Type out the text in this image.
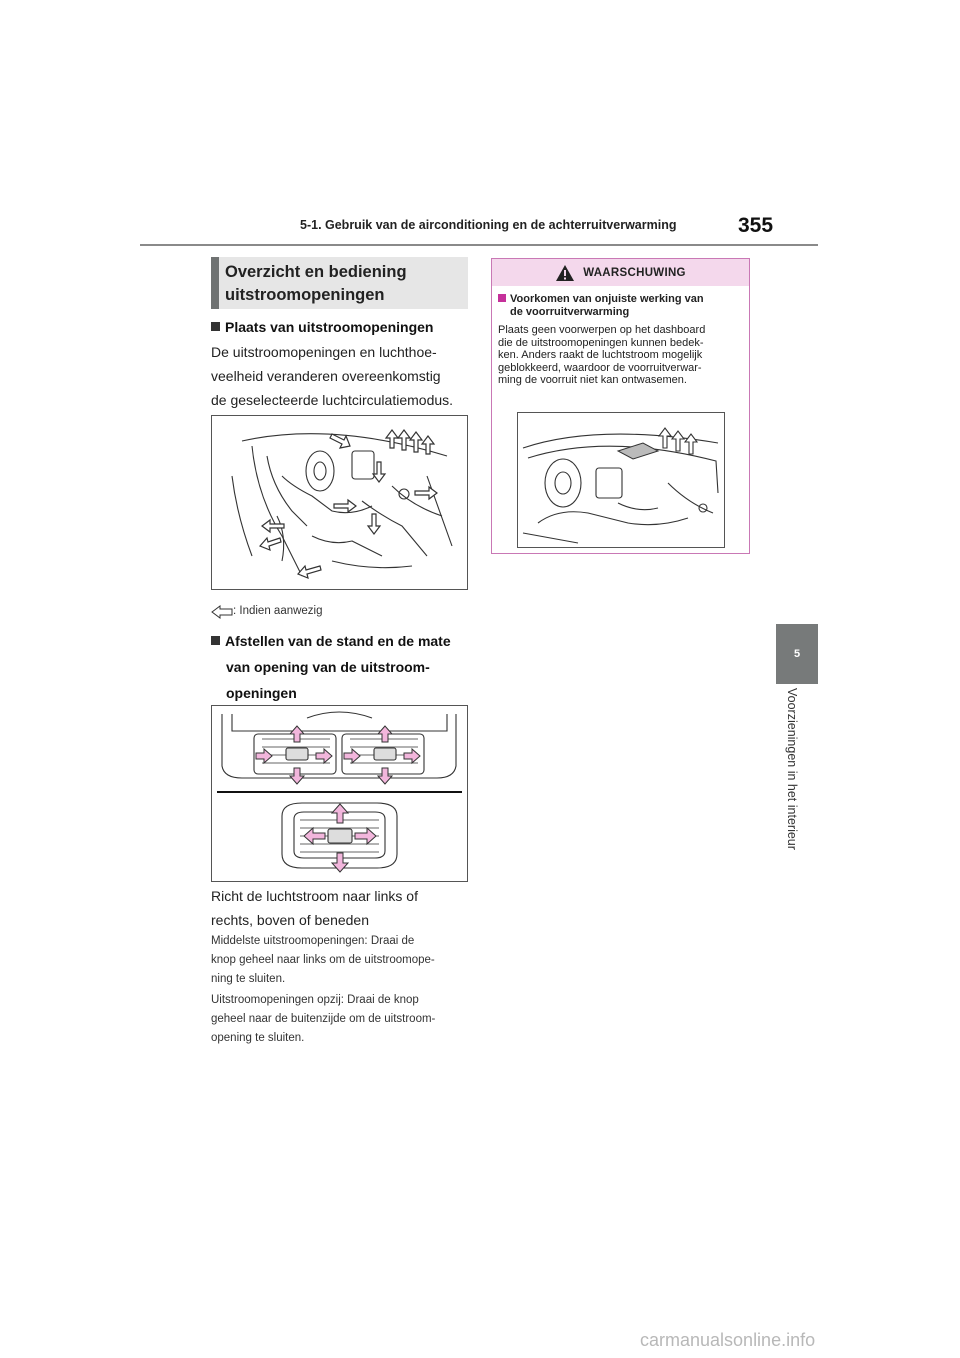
5-1. Gebruik van de airconditioning en de achterruitverwarming	355
5
Voorzieningen in het interieur
Overzicht en bediening
uitstroomopeningen
Plaats van uitstroomopeningen
De uitstroomopeningen en luchthoe-
veelheid veranderen overeenkomstig
de geselecteerde luchtcirculatiemodus.
: Indien aanwezig
Afstellen van de stand en de mate
van opening van de uitstroom-
openingen
Richt de luchtstroom naar links of
rechts, boven of beneden
Middelste uitstroomopeningen: Draai de
knop geheel naar links om de uitstroomope-
ning te sluiten.
Uitstroomopeningen opzij: Draai de knop
geheel naar de buitenzijde om de uitstroom-
opening te sluiten.
WAARSCHUWING
Voorkomen van onjuiste werking van
de voorruitverwarming
Plaats geen voorwerpen op het dashboard
die de uitstroomopeningen kunnen bedek-
ken. Anders raakt de luchtstroom mogelijk
geblokkeerd, waardoor de voorruitverwar-
ming de voorruit niet kan ontwasemen.
carmanualsonline.info
